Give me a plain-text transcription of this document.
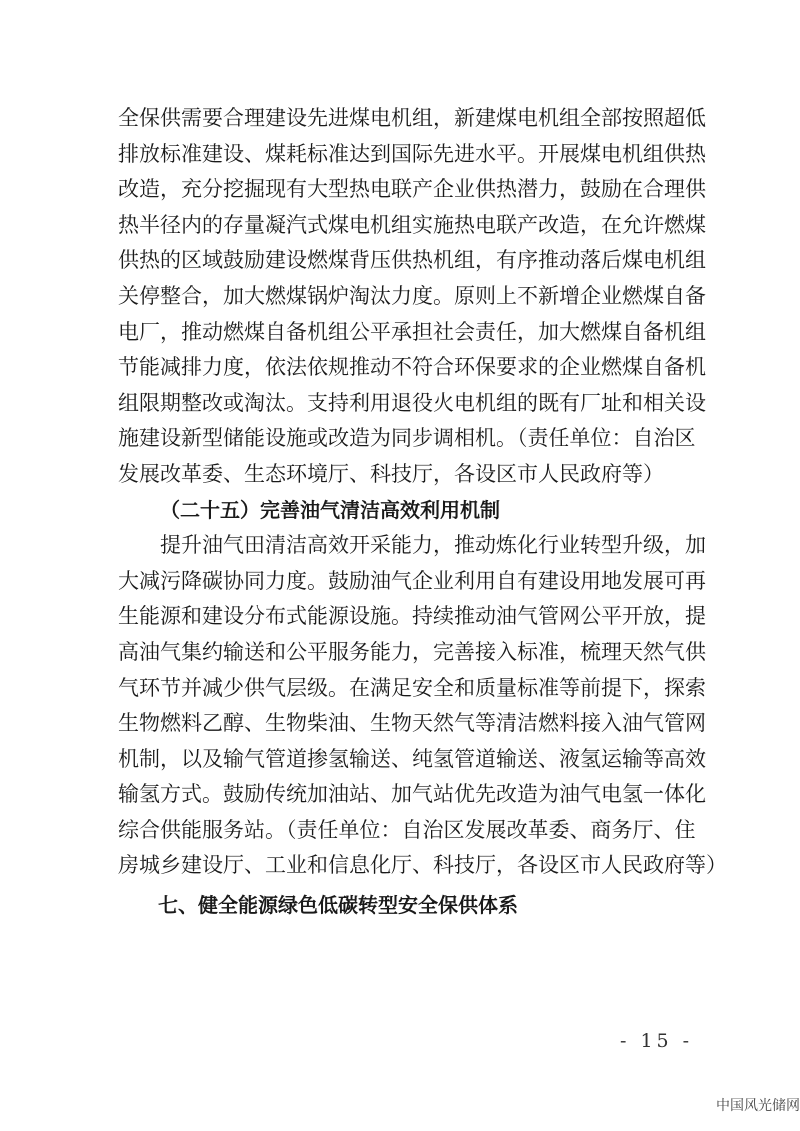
全保供需要合理建设先进煤电机组，新建煤电机组全部按照超低
排放标准建设、煤耗标准达到国际先进水平。开展煤电机组供热
改造，充分挖掘现有大型热电联产企业供热潜力，鼓励在合理供
热半径内的存量凝汽式煤电机组实施热电联产改造，在允许燃煤
供热的区域鼓励建设燃煤背压供热机组，有序推动落后煤电机组
关停整合，加大燃煤锅炉淘汰力度。原则上不新增企业燃煤自备
电厂，推动燃煤自备机组公平承担社会责任，加大燃煤自备机组
节能减排力度，依法依规推动不符合环保要求的企业燃煤自备机
组限期整改或淘汰。支持利用退役火电机组的既有厂址和相关设
施建设新型储能设施或改造为同步调相机。（责任单位：自治区
发展改革委、生态环境厅、科技厅，各设区市人民政府等）
（二十五）完善油气清洁高效利用机制
提升油气田清洁高效开采能力，推动炼化行业转型升级，加
大减污降碳协同力度。鼓励油气企业利用自有建设用地发展可再
生能源和建设分布式能源设施。持续推动油气管网公平开放，提
高油气集约输送和公平服务能力，完善接入标准，梳理天然气供
气环节并减少供气层级。在满足安全和质量标准等前提下，探索
生物燃料乙醇、生物柴油、生物天然气等清洁燃料接入油气管网
机制，以及输气管道掺氢输送、纯氢管道输送、液氢运输等高效
输氢方式。鼓励传统加油站、加气站优先改造为油气电氢一体化
综合供能服务站。（责任单位：自治区发展改革委、商务厅、住
房城乡建设厅、工业和信息化厅、科技厅，各设区市人民政府等）
七、健全能源绿色低碳转型安全保供体系
- 15 -
中国风光储网
